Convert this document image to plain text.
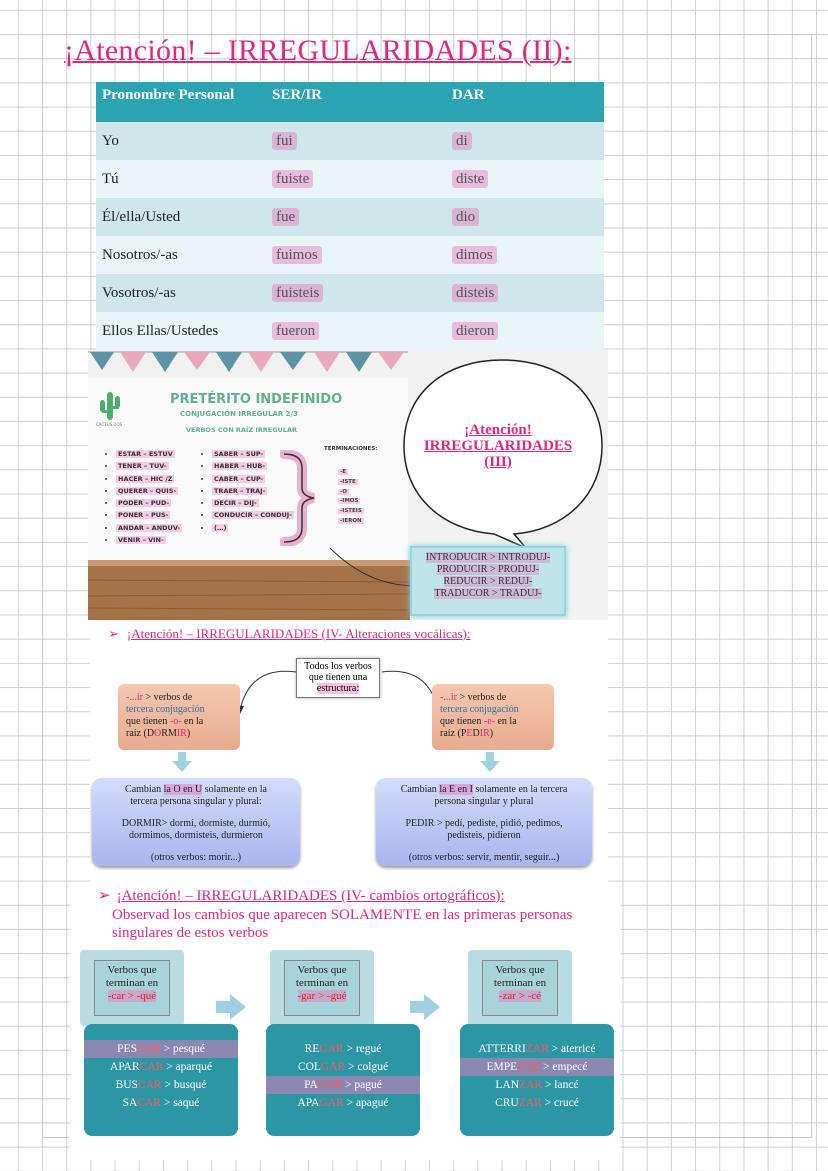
¡Atención! – IRREGULARIDADES (II):
Pronombre Personal	SER/IR	DAR
Yo	fui	di
Tú	fuiste	diste
Él/ella/Usted	fue	dio
Nosotros/-as	fuimos	dimos
Vosotros/-as	fuisteis	disteis
Ellos Ellas/Ustedes	fueron	dieron
CACTUS DOS
PRETÉRITO INDEFINIDO
CONJUGACIÓN IRREGULAR 2/3
VERBOS CON RAÍZ IRREGULAR
• ESTAR – ESTUV
• TENER – TUV-
• HACER – HIC /Z
• QUERER – QUIS-
• PODER – PUD-
• PONER – PUS-
• ANDAR – ANDUV-
• VENIR – VIN-
• SABER – SUP-
• HABER – HUB-
• CABER – CUP-
• TRAER – TRAJ-
• DECIR – DIJ-
• CONDUCIR – CONDUJ-
• (…)
TERMINACIONES:
-E
-ISTE
-O
-IMOS
-ISTEIS
-IERON
¡Atención!
IRREGULARIDADES
(III)
INTRODUCIR > INTRODUJ-
PRODUCIR > PRODUJ-
REDUCIR > REDUJ-
TRADUCOR > TRADUJ-
➢ ¡Atención! – IRREGULARIDADES (IV- Alteraciones vocálicas):
Todos los verbos
que tienen una
estructura:
-...ir > verbos de
tercera conjugación
que tienen -o- en la
raíz (DORMIR)
-...ir > verbos de
tercera conjugación
que tienen -e- en la
raíz (PEDIR)
Cambian la O en U solamente en la
tercera persona singular y plural:
DORMIR> dormí, dormiste, durmió,
dormimos, dormisteis, durmieron
(otros verbos: morir...)
Cambian la E en I solamente en la tercera
persona singular y plural
PEDIR > pedí, pediste, pidió, pedimos,
pedisteis, pidieron
(otros verbos: servir, mentir, seguir...)
➢ ¡Atención! – IRREGULARIDADES (IV- cambios ortográficos):
Observad los cambios que aparecen SOLAMENTE en las primeras personas singulares de estos verbos
Verbos que
terminan en
-car > -qué
PESCAR > pesqué
APARCAR > aparqué
BUSCAR > busqué
SACAR > saqué
Verbos que
terminan en
-gar > -gué
REGAR > regué
COLGAR > colgué
PAGAR > pagué
APAGAR > apagué
Verbos que
terminan en
-zar > -cé
ATTERRIZAR > aterricé
EMPEZAR > empecé
LANZAR > lancé
CRUZAR > crucé
